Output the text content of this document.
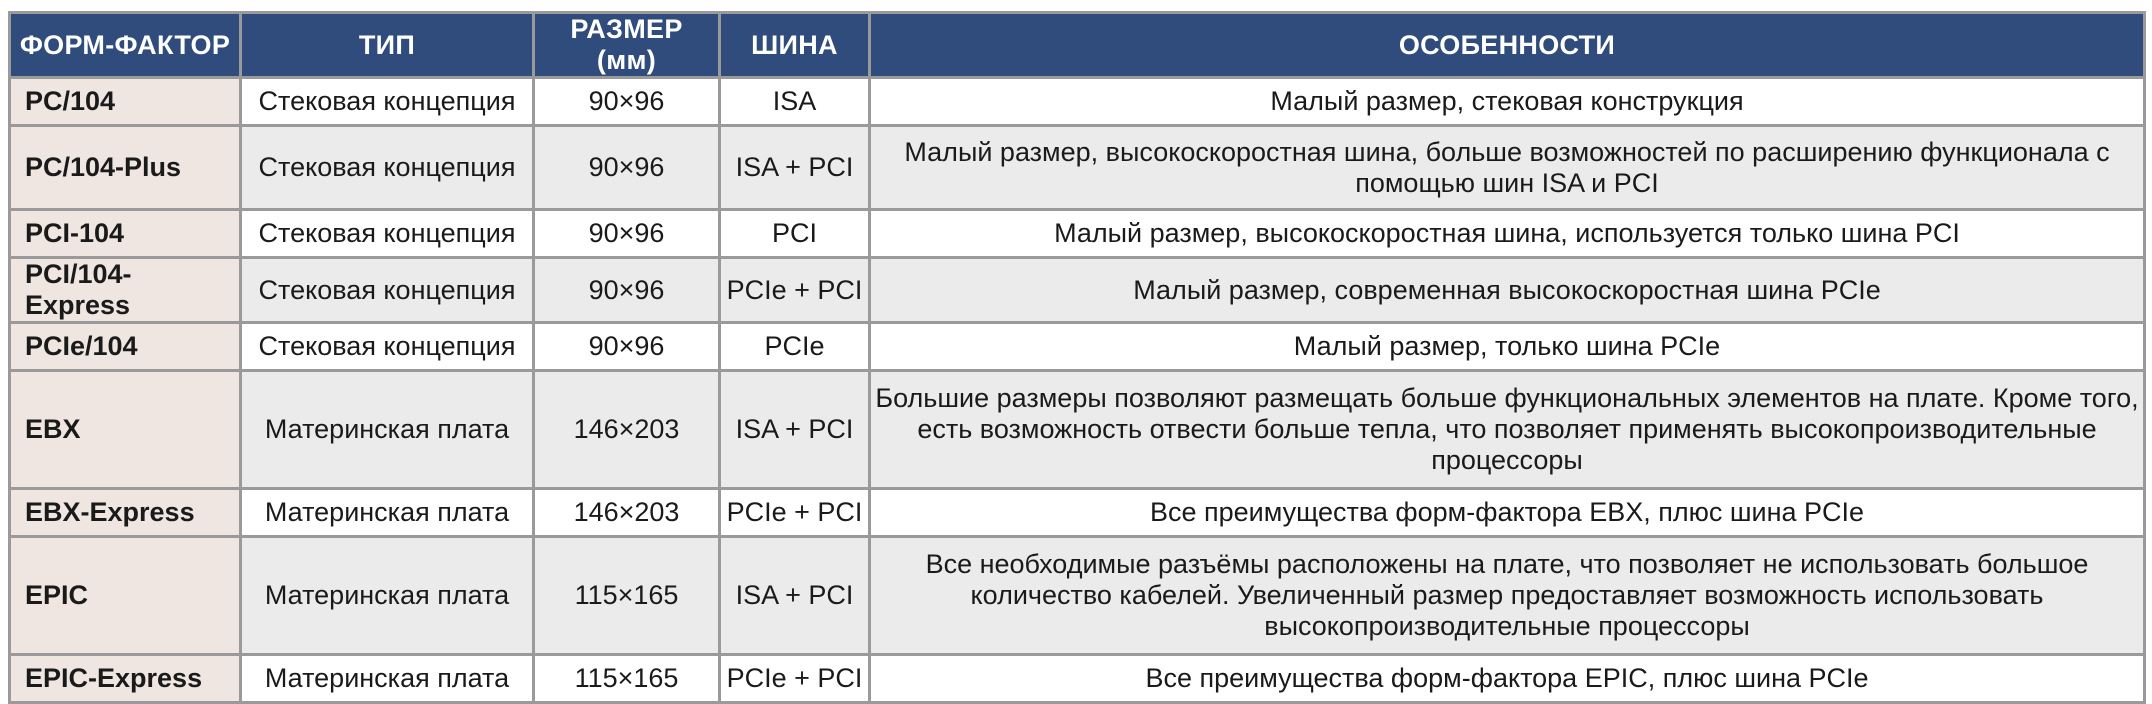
ФОРМ-ФАКТОР	ТИП	РАЗМЕР (мм)	ШИНА	ОСОБЕННОСТИ
PC/104	Стековая концепция	90×96	ISA	Малый размер, стековая конструкция
PC/104-Plus	Стековая концепция	90×96	ISA + PCI	Малый размер, высокоскоростная шина, больше возможностей по расширению функционала с помощью шин ISA и PCI
PCI-104	Стековая концепция	90×96	PCI	Малый размер, высокоскоростная шина, используется только шина PCI
PCI/104-Express	Стековая концепция	90×96	PCIe + PCI	Малый размер, современная высокоскоростная шина PCIe
PCIe/104	Стековая концепция	90×96	PCIe	Малый размер, только шина PCIe
EBX	Материнская плата	146×203	ISA + PCI	Большие размеры позволяют размещать больше функциональных элементов на плате. Кроме того, есть возможность отвести больше тепла, что позволяет применять высокопроизводительные процессоры
EBX-Express	Материнская плата	146×203	PCIe + PCI	Все преимущества форм-фактора EBX, плюс шина PCIe
EPIC	Материнская плата	115×165	ISA + PCI	Все необходимые разъёмы расположены на плате, что позволяет не использовать большое количество кабелей. Увеличенный размер предоставляет возможность использовать высокопроизводительные процессоры
EPIC-Express	Материнская плата	115×165	PCIe + PCI	Все преимущества форм-фактора EPIC, плюс шина PCIe
